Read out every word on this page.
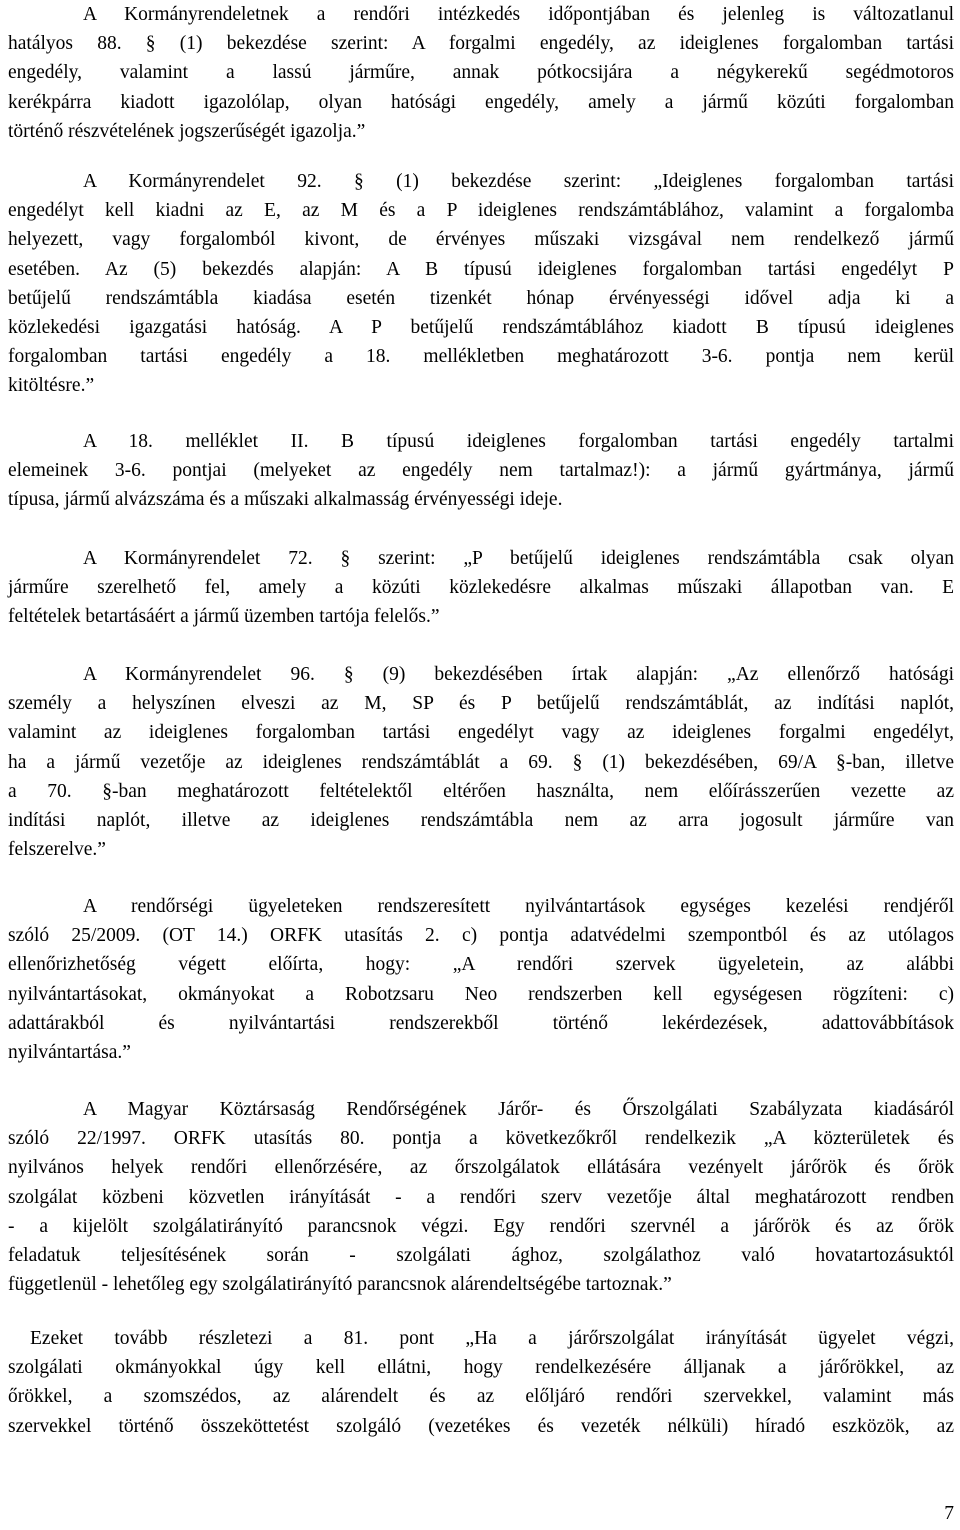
A Kormányrendeletnek a rendőri intézkedés időpontjában és jelenleg is változatlanul
hatályos 88. § (1) bekezdése szerint: A forgalmi engedély, az ideiglenes forgalomban tartási
engedély, valamint a lassú járműre, annak pótkocsijára a négykerekű segédmotoros
kerékpárra kiadott igazolólap, olyan hatósági engedély, amely a jármű közúti forgalomban
történő részvételének jogszerűségét igazolja.”
A Kormányrendelet 92. § (1) bekezdése szerint: „Ideiglenes forgalomban tartási
engedélyt kell kiadni az E, az M és a P ideiglenes rendszámtáblához, valamint a forgalomba
helyezett, vagy forgalomból kivont, de érvényes műszaki vizsgával nem rendelkező jármű
esetében. Az (5) bekezdés alapján: A B típusú ideiglenes forgalomban tartási engedélyt P
betűjelű rendszámtábla kiadása esetén tizenkét hónap érvényességi idővel adja ki a
közlekedési igazgatási hatóság. A P betűjelű rendszámtáblához kiadott B típusú ideiglenes
forgalomban tartási engedély a 18. mellékletben meghatározott 3-6. pontja nem kerül
kitöltésre.”
A 18. melléklet II. B típusú ideiglenes forgalomban tartási engedély tartalmi
elemeinek 3-6. pontjai (melyeket az engedély nem tartalmaz!): a jármű gyártmánya, jármű
típusa, jármű alvázszáma és a műszaki alkalmasság érvényességi ideje.
A Kormányrendelet 72. § szerint: „P betűjelű ideiglenes rendszámtábla csak olyan
járműre szerelhető fel, amely a közúti közlekedésre alkalmas műszaki állapotban van. E
feltételek betartásáért a jármű üzemben tartója felelős.”
A Kormányrendelet 96. § (9) bekezdésében írtak alapján: „Az ellenőrző hatósági
személy a helyszínen elveszi az M, SP és P betűjelű rendszámtáblát, az indítási naplót,
valamint az ideiglenes forgalomban tartási engedélyt vagy az ideiglenes forgalmi engedélyt,
ha a jármű vezetője az ideiglenes rendszámtáblát a 69. § (1) bekezdésében, 69/A §-ban, illetve
a 70. §-ban meghatározott feltételektől eltérően használta, nem előírásszerűen vezette az
indítási naplót, illetve az ideiglenes rendszámtábla nem az arra jogosult járműre van
felszerelve.”
A rendőrségi ügyeleteken rendszeresített nyilvántartások egységes kezelési rendjéről
szóló 25/2009. (OT 14.) ORFK utasítás 2. c) pontja adatvédelmi szempontból és az utólagos
ellenőrizhetőség végett előírta, hogy: „A rendőri szervek ügyeletein, az alábbi
nyilvántartásokat, okmányokat a Robotzsaru Neo rendszerben kell egységesen rögzíteni: c)
adattárakból és nyilvántartási rendszerekből történő lekérdezések, adattovábbítások
nyilvántartása.”
A Magyar Köztársaság Rendőrségének Járőr- és Őrszolgálati Szabályzata kiadásáról
szóló 22/1997. ORFK utasítás 80. pontja a következőkről rendelkezik „A közterületek és
nyilvános helyek rendőri ellenőrzésére, az őrszolgálatok ellátására vezényelt járőrök és őrök
szolgálat közbeni közvetlen irányítását - a rendőri szerv vezetője által meghatározott rendben
- a kijelölt szolgálatirányító parancsnok végzi. Egy rendőri szervnél a járőrök és az őrök
feladatuk teljesítésének során - szolgálati ághoz, szolgálathoz való hovatartozásuktól
függetlenül - lehetőleg egy szolgálatirányító parancsnok alárendeltségébe tartoznak.”
Ezeket tovább részletezi a 81. pont „Ha a járőrszolgálat irányítását ügyelet végzi,
szolgálati okmányokkal úgy kell ellátni, hogy rendelkezésére álljanak a járőrökkel, az
őrökkel, a szomszédos, az alárendelt és az előljáró rendőri szervekkel, valamint más
szervekkel történő összeköttetést szolgáló (vezetékes és vezeték nélküli) híradó eszközök, az
7
